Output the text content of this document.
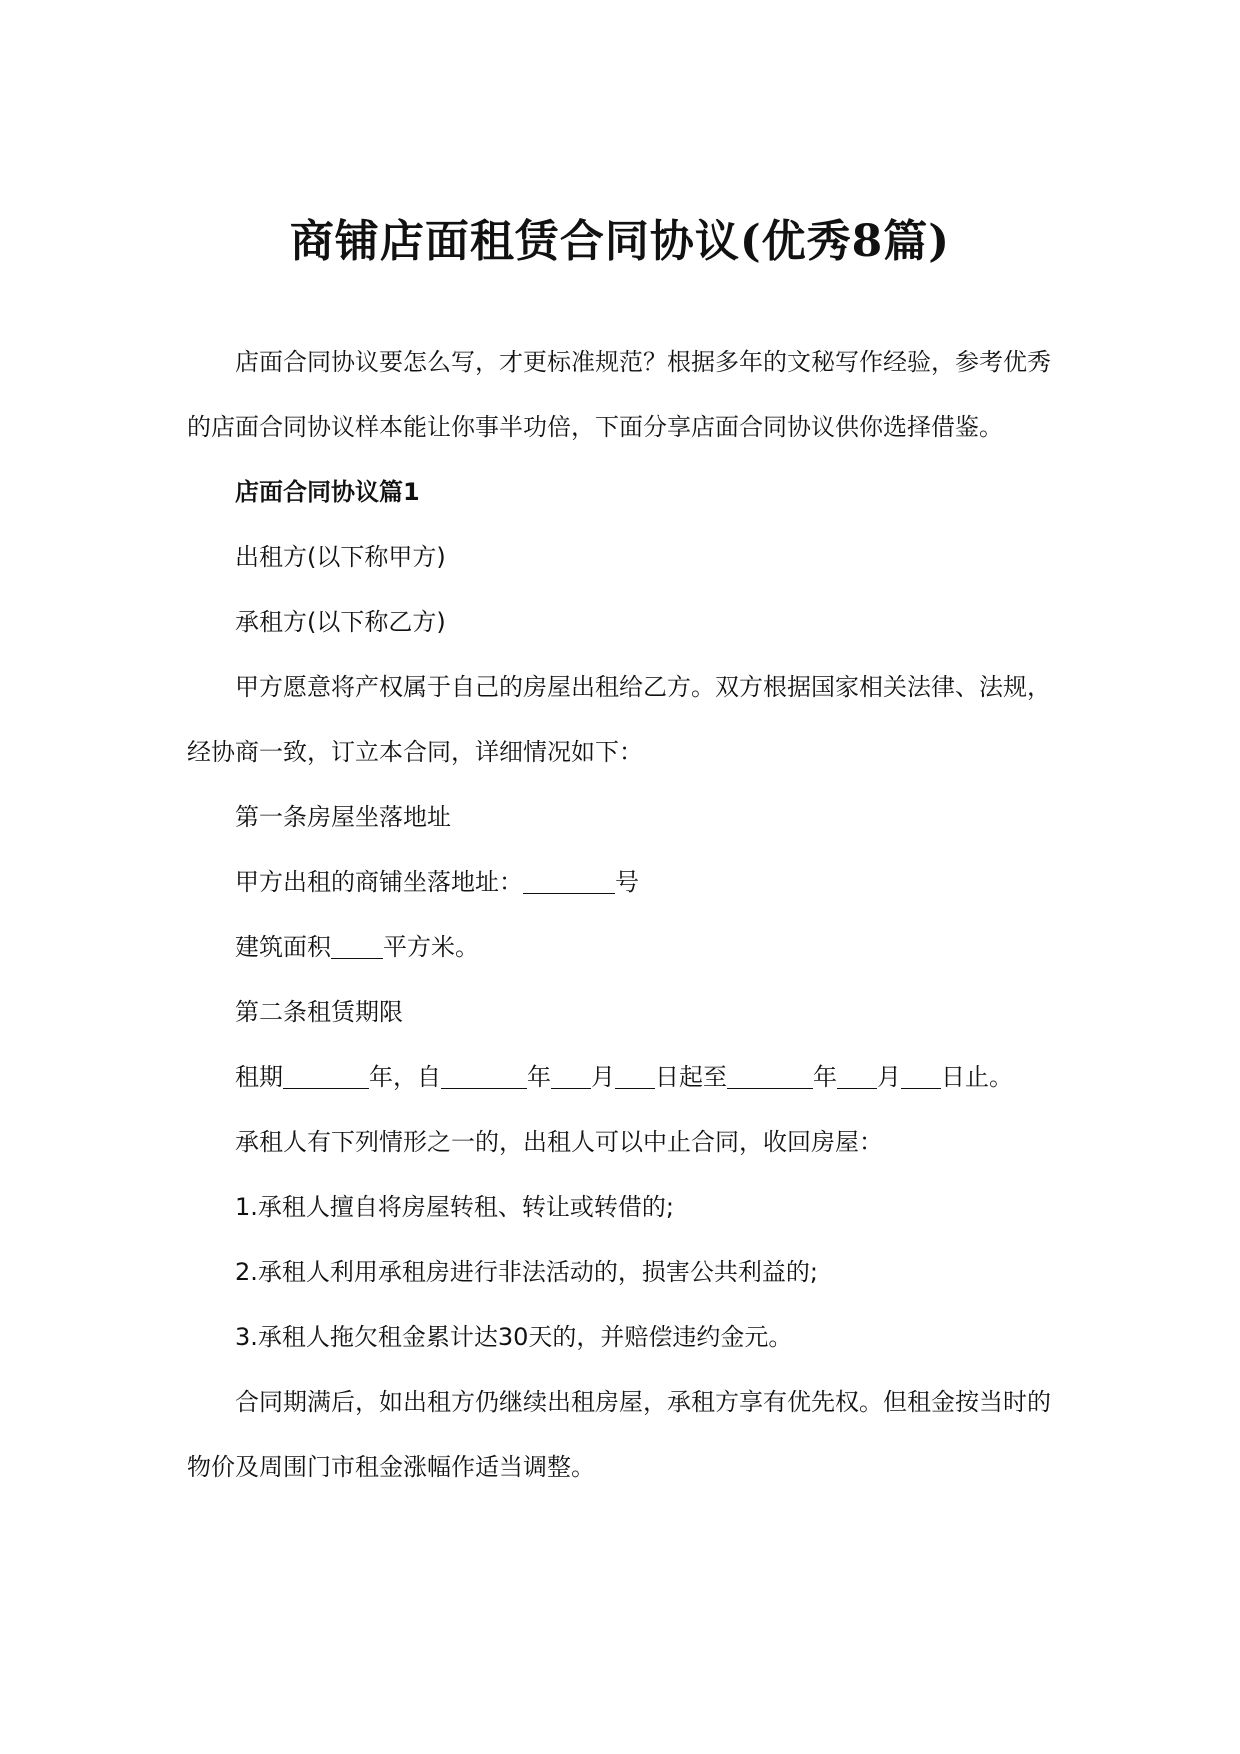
商铺店面租赁合同协议(优秀8篇)

店面合同协议要怎么写，才更标准规范？根据多年的文秘写作经验，参考优秀的店面合同协议样本能让你事半功倍，下面分享店面合同协议供你选择借鉴。

店面合同协议篇1

出租方(以下称甲方)

承租方(以下称乙方)

甲方愿意将产权属于自己的房屋出租给乙方。双方根据国家相关法律、法规，经协商一致，订立本合同，详细情况如下：

第一条房屋坐落地址

甲方出租的商铺坐落地址：	号

建筑面积 平方米。

第二条租赁期限

租期	年，自	年 月 日起至	年 月 日止。

承租人有下列情形之一的，出租人可以中止合同，收回房屋：

1.承租人擅自将房屋转租、转让或转借的;

2.承租人利用承租房进行非法活动的，损害公共利益的;

3.承租人拖欠租金累计达30天的，并赔偿违约金元。

合同期满后，如出租方仍继续出租房屋，承租方享有优先权。但租金按当时的物价及周围门市租金涨幅作适当调整。
